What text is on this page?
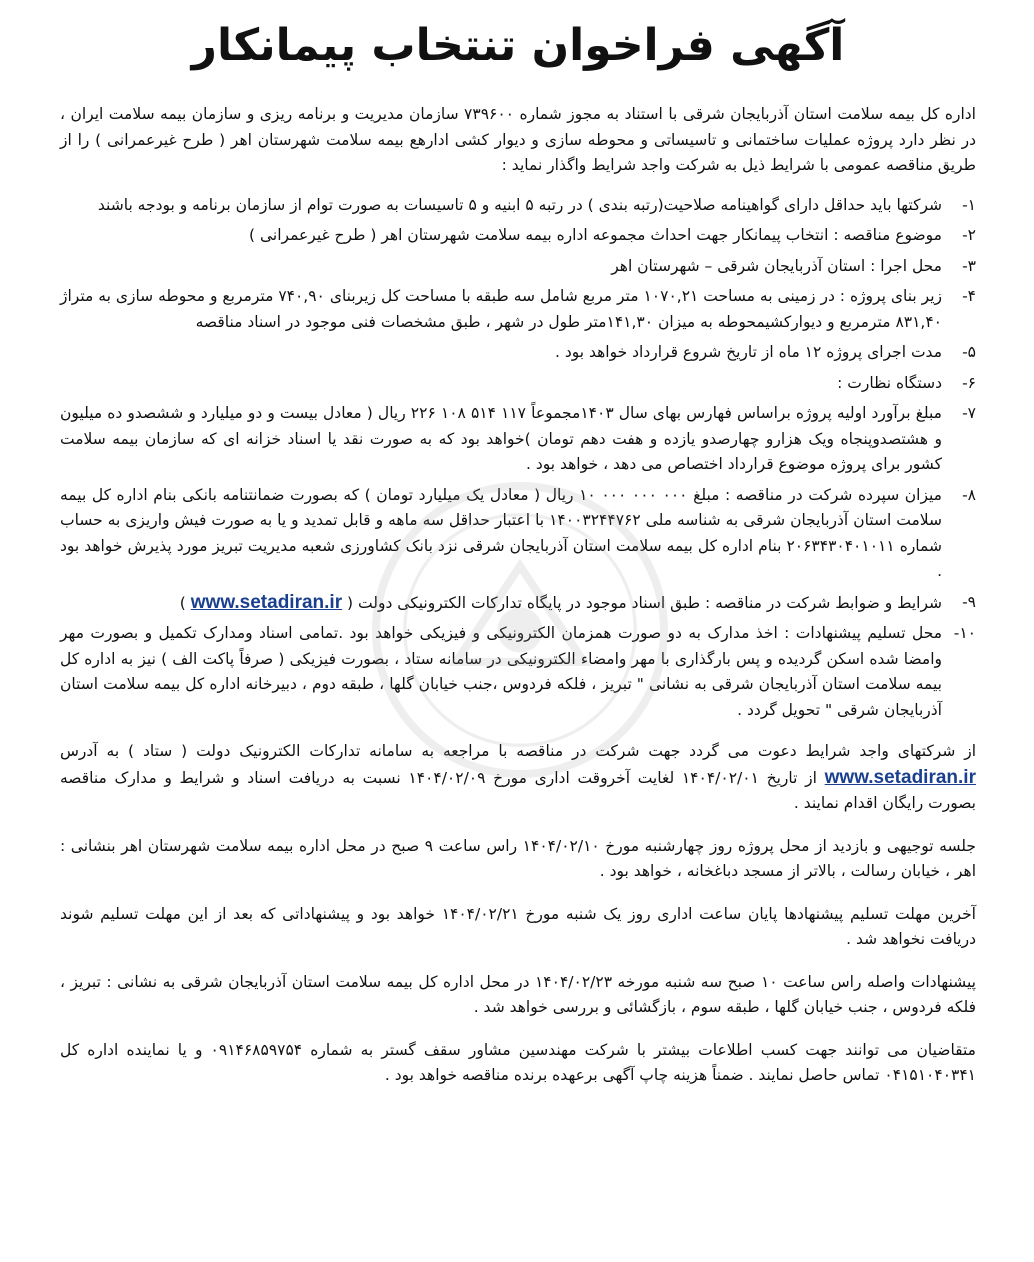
آگهی فراخوان تنتخاب پیمانکار

اداره کل بیمه سلامت استان آذربایجان شرقی با استناد به مجوز شماره ۷۳۹۶۰۰ سازمان مدیریت و برنامه ریزی و سازمان بیمه سلامت ایران ، در نظر دارد پروژه عملیات ساختمانی و تاسیساتی و محوطه سازی و دیوار کشی ادارهع بیمه سلامت شهرستان اهر ( طرح غیرعمرانی ) را از طریق مناقصه عمومی با شرایط ذیل به شرکت واجد شرایط واگذار نماید :

۱-
شرکتها باید حداقل دارای گواهینامه صلاحیت(رتبه بندی ) در رتبه ۵ ابنیه و ۵ تاسیسات به صورت توام از سازمان برنامه و بودجه باشند
۲-
موضوع مناقصه : انتخاب پیمانکار جهت احداث مجموعه اداره بیمه سلامت شهرستان اهر ( طرح غیرعمرانی )
۳-
محل اجرا : استان آذربایجان شرقی – شهرستان اهر
۴-
زیر بنای پروژه : در زمینی به مساحت ۱۰۷۰,۲۱ متر مربع شامل سه طبقه با مساحت کل زیربنای ۷۴۰,۹۰ مترمربع و محوطه سازی به متراژ ۸۳۱,۴۰ مترمربع و دیوارکشیمحوطه به میزان ۱۴۱,۳۰متر طول در شهر ، طبق مشخصات فنی موجود در اسناد مناقصه
۵-
مدت اجرای پروژه ۱۲ ماه از تاریخ شروع قرارداد خواهد بود .
۶-
دستگاه نظارت :
۷-
مبلغ برآورد اولیه پروژه براساس فهارس بهای سال ۱۴۰۳مجموعاً ۱۱۷ ۵۱۴ ۱۰۸ ۲۲۶ ریال ( معادل بیست و دو میلیارد و ششصدو ده میلیون و هشتصدوپنجاه ویک هزارو چهارصدو یازده و هفت دهم تومان )خواهد بود که به صورت نقد یا اسناد خزانه ای که سازمان بیمه سلامت کشور برای پروژه موضوع قرارداد اختصاص می دهد ، خواهد بود .
۸-
میزان سپرده شرکت در مناقصه : مبلغ ۰۰۰ ۰۰۰ ۰۰۰ ۱۰ ریال ( معادل یک میلیارد تومان ) که بصورت ضمانتنامه بانکی بنام اداره کل بیمه سلامت استان آذربایجان شرقی به شناسه ملی ۱۴۰۰۳۲۴۴۷۶۲ با اعتبار حداقل سه ماهه و قابل تمدید و یا به صورت فیش واریزی به حساب شماره ۲۰۶۳۴۳۰۴۰۱۰۱۱ بنام اداره کل بیمه سلامت استان آذربایجان شرقی نزد بانک کشاورزی شعبه مدیریت تبریز مورد پذیرش خواهد بود .
۹-
شرایط و ضوابط شرکت در مناقصه : طبق اسناد موجود در پایگاه تدارکات الکترونیکی دولت ( www.setadiran.ir )
۱۰-
محل تسلیم پیشنهادات : اخذ مدارک به دو صورت همزمان الکترونیکی و فیزیکی خواهد بود .تمامی اسناد ومدارک تکمیل و بصورت مهر وامضا شده اسکن گردیده و پس بارگذاری با مهر وامضاء الکترونیکی در سامانه ستاد ، بصورت فیزیکی ( صرفاً پاکت الف ) نیز به اداره کل بیمه سلامت استان آذربایجان شرقی به نشانی " تبریز ، فلکه فردوس ،جنب خیابان گلها ، طبقه دوم ، دبیرخانه اداره کل بیمه سلامت استان آذربایجان شرقی " تحویل گردد .

از شرکتهای واجد شرایط دعوت می گردد جهت شرکت در مناقصه با مراجعه به سامانه تدارکات الکترونیک دولت ( ستاد ) به آدرس www.setadiran.ir از تاریخ ۱۴۰۴/۰۲/۰۱ لغایت آخروقت اداری مورخ ۱۴۰۴/۰۲/۰۹ نسبت به دریافت اسناد و شرایط و مدارک مناقصه بصورت رایگان اقدام نمایند .

جلسه توجیهی و بازدید از محل پروژه روز چهارشنبه مورخ ۱۴۰۴/۰۲/۱۰ راس ساعت ۹ صبح در محل اداره بیمه سلامت شهرستان اهر بنشانی : اهر ، خیابان رسالت ، بالاتر از مسجد دباغخانه ، خواهد بود .

آخرین مهلت تسلیم پیشنهادها پایان ساعت اداری روز یک شنبه مورخ ۱۴۰۴/۰۲/۲۱ خواهد بود و پیشنهاداتی که بعد از این مهلت تسلیم شوند دریافت نخواهد شد .

پیشنهادات واصله راس ساعت ۱۰ صبح سه شنبه مورخه ۱۴۰۴/۰۲/۲۳ در محل اداره کل بیمه سلامت استان آذربایجان شرقی به نشانی : تبریز ، فلکه فردوس ، جنب خیابان گلها ، طبقه سوم ، بازگشائی و بررسی خواهد شد .

متقاضیان می توانند جهت کسب اطلاعات بیشتر با شرکت مهندسین مشاور سقف گستر به شماره ۰۹۱۴۶۸۵۹۷۵۴ و یا نماینده اداره کل ۰۴۱۵۱۰۴۰۳۴۱ تماس حاصل نمایند . ضمناً هزینه چاپ آگهی برعهده برنده مناقصه خواهد بود .
